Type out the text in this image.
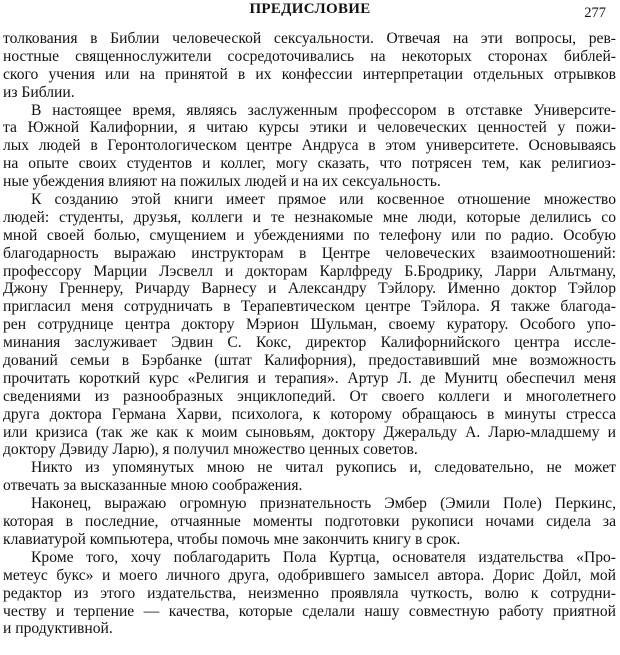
ПРЕДИСЛОВИЕ	277
толкования в Библии человеческой сексуальности. Отвечая на эти вопросы, рев-
ностные священнослужители сосредоточивались на некоторых сторонах библей-
ского учения или на принятой в их конфессии интерпретации отдельных отрывков
из Библии.
В настоящее время, являясь заслуженным профессором в отставке Университе-
та Южной Калифорнии, я читаю курсы этики и человеческих ценностей у пожи-
лых людей в Геронтологическом центре Андруса в этом университете. Основываясь
на опыте своих студентов и коллег, могу сказать, что потрясен тем, как религиоз-
ные убеждения влияют на пожилых людей и на их сексуальность.
К созданию этой книги имеет прямое или косвенное отношение множество
людей: студенты, друзья, коллеги и те незнакомые мне люди, которые делились со
мной своей болью, смущением и убеждениями по телефону или по радио. Особую
благодарность выражаю инструкторам в Центре человеческих взаимоотношений:
профессору Марции Лэсвелл и докторам Карлфреду Б.Бродрику, Ларри Альтману,
Джону Греннеру, Ричарду Варнесу и Александру Тэйлору. Именно доктор Тэйлор
пригласил меня сотрудничать в Терапевтическом центре Тэйлора. Я также благода-
рен сотруднице центра доктору Мэрион Шульман, своему куратору. Особого упо-
минания заслуживает Эдвин С. Кокс, директор Калифорнийского центра иссле-
дований семьи в Бэрбанке (штат Калифорния), предоставивший мне возможность
прочитать короткий курс «Религия и терапия». Артур Л. де Мунитц обеспечил меня
сведениями из разнообразных энциклопедий. От своего коллеги и многолетнего
друга доктора Германа Харви, психолога, к которому обращаюсь в минуты стресса
или кризиса (так же как к моим сыновьям, доктору Джеральду А. Ларю-младшему и
доктору Дэвиду Ларю), я получил множество ценных советов.
Никто из упомянутых мною не читал рукопись и, следовательно, не может
отвечать за высказанные мною соображения.
Наконец, выражаю огромную признательность Эмбер (Эмили Поле) Перкинс,
которая в последние, отчаянные моменты подготовки рукописи ночами сидела за
клавиатурой компьютера, чтобы помочь мне закончить книгу в срок.
Кроме того, хочу поблагодарить Пола Куртца, основателя издательства «Про-
метеус букс» и моего личного друга, одобрившего замысел автора. Дорис Дойл, мой
редактор из этого издательства, неизменно проявляла чуткость, волю к сотрудни-
честву и терпение — качества, которые сделали нашу совместную работу приятной
и продуктивной.
